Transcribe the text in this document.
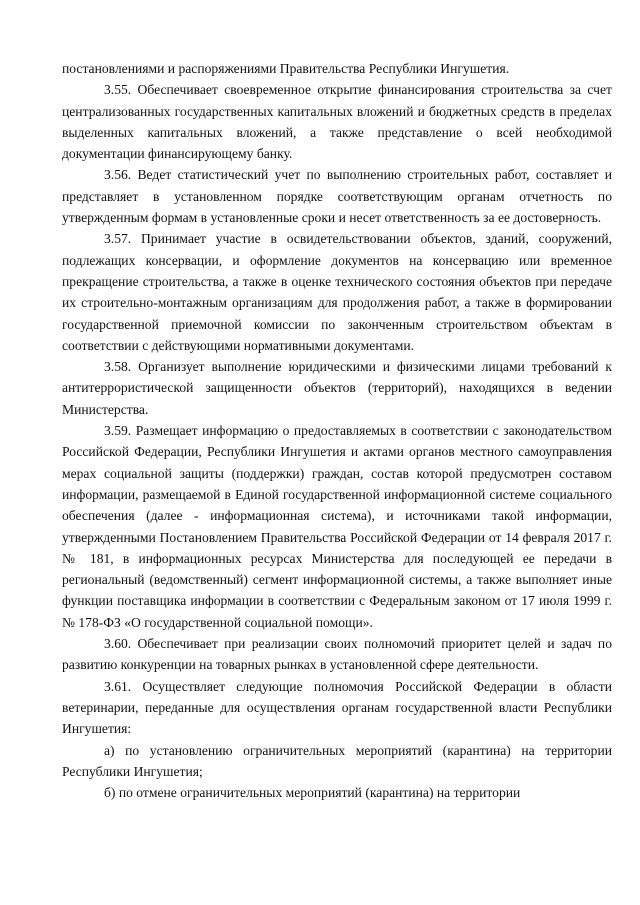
постановлениями и распоряжениями Правительства Республики Ингушетия.

3.55. Обеспечивает своевременное открытие финансирования строительства за счет централизованных государственных капитальных вложений и бюджетных средств в пределах выделенных капитальных вложений, а также представление о всей необходимой документации финансирующему банку.

3.56. Ведет статистический учет по выполнению строительных работ, составляет и представляет в установленном порядке соответствующим органам отчетность по утвержденным формам в установленные сроки и несет ответственность за ее достоверность.

3.57. Принимает участие в освидетельствовании объектов, зданий, сооружений, подлежащих консервации, и оформление документов на консервацию или временное прекращение строительства, а также в оценке технического состояния объектов при передаче их строительно-монтажным организациям для продолжения работ, а также в формировании государственной приемочной комиссии по законченным строительством объектам в соответствии с действующими нормативными документами.

3.58. Организует выполнение юридическими и физическими лицами требований к антитеррористической защищенности объектов (территорий), находящихся в ведении Министерства.

3.59. Размещает информацию о предоставляемых в соответствии с законодательством Российской Федерации, Республики Ингушетия и актами органов местного самоуправления мерах социальной защиты (поддержки) граждан, состав которой предусмотрен составом информации, размещаемой в Единой государственной информационной системе социального обеспечения (далее - информационная система), и источниками такой информации, утвержденными Постановлением Правительства Российской Федерации от 14 февраля 2017 г. № 181, в информационных ресурсах Министерства для последующей ее передачи в региональный (ведомственный) сегмент информационной системы, а также выполняет иные функции поставщика информации в соответствии с Федеральным законом от 17 июля 1999 г. № 178-ФЗ «О государственной социальной помощи».

3.60. Обеспечивает при реализации своих полномочий приоритет целей и задач по развитию конкуренции на товарных рынках в установленной сфере деятельности.

3.61. Осуществляет следующие полномочия Российской Федерации в области ветеринарии, переданные для осуществления органам государственной власти Республики Ингушетия:

а) по установлению ограничительных мероприятий (карантина) на территории Республики Ингушетия;

б) по отмене ограничительных мероприятий (карантина) на территории
